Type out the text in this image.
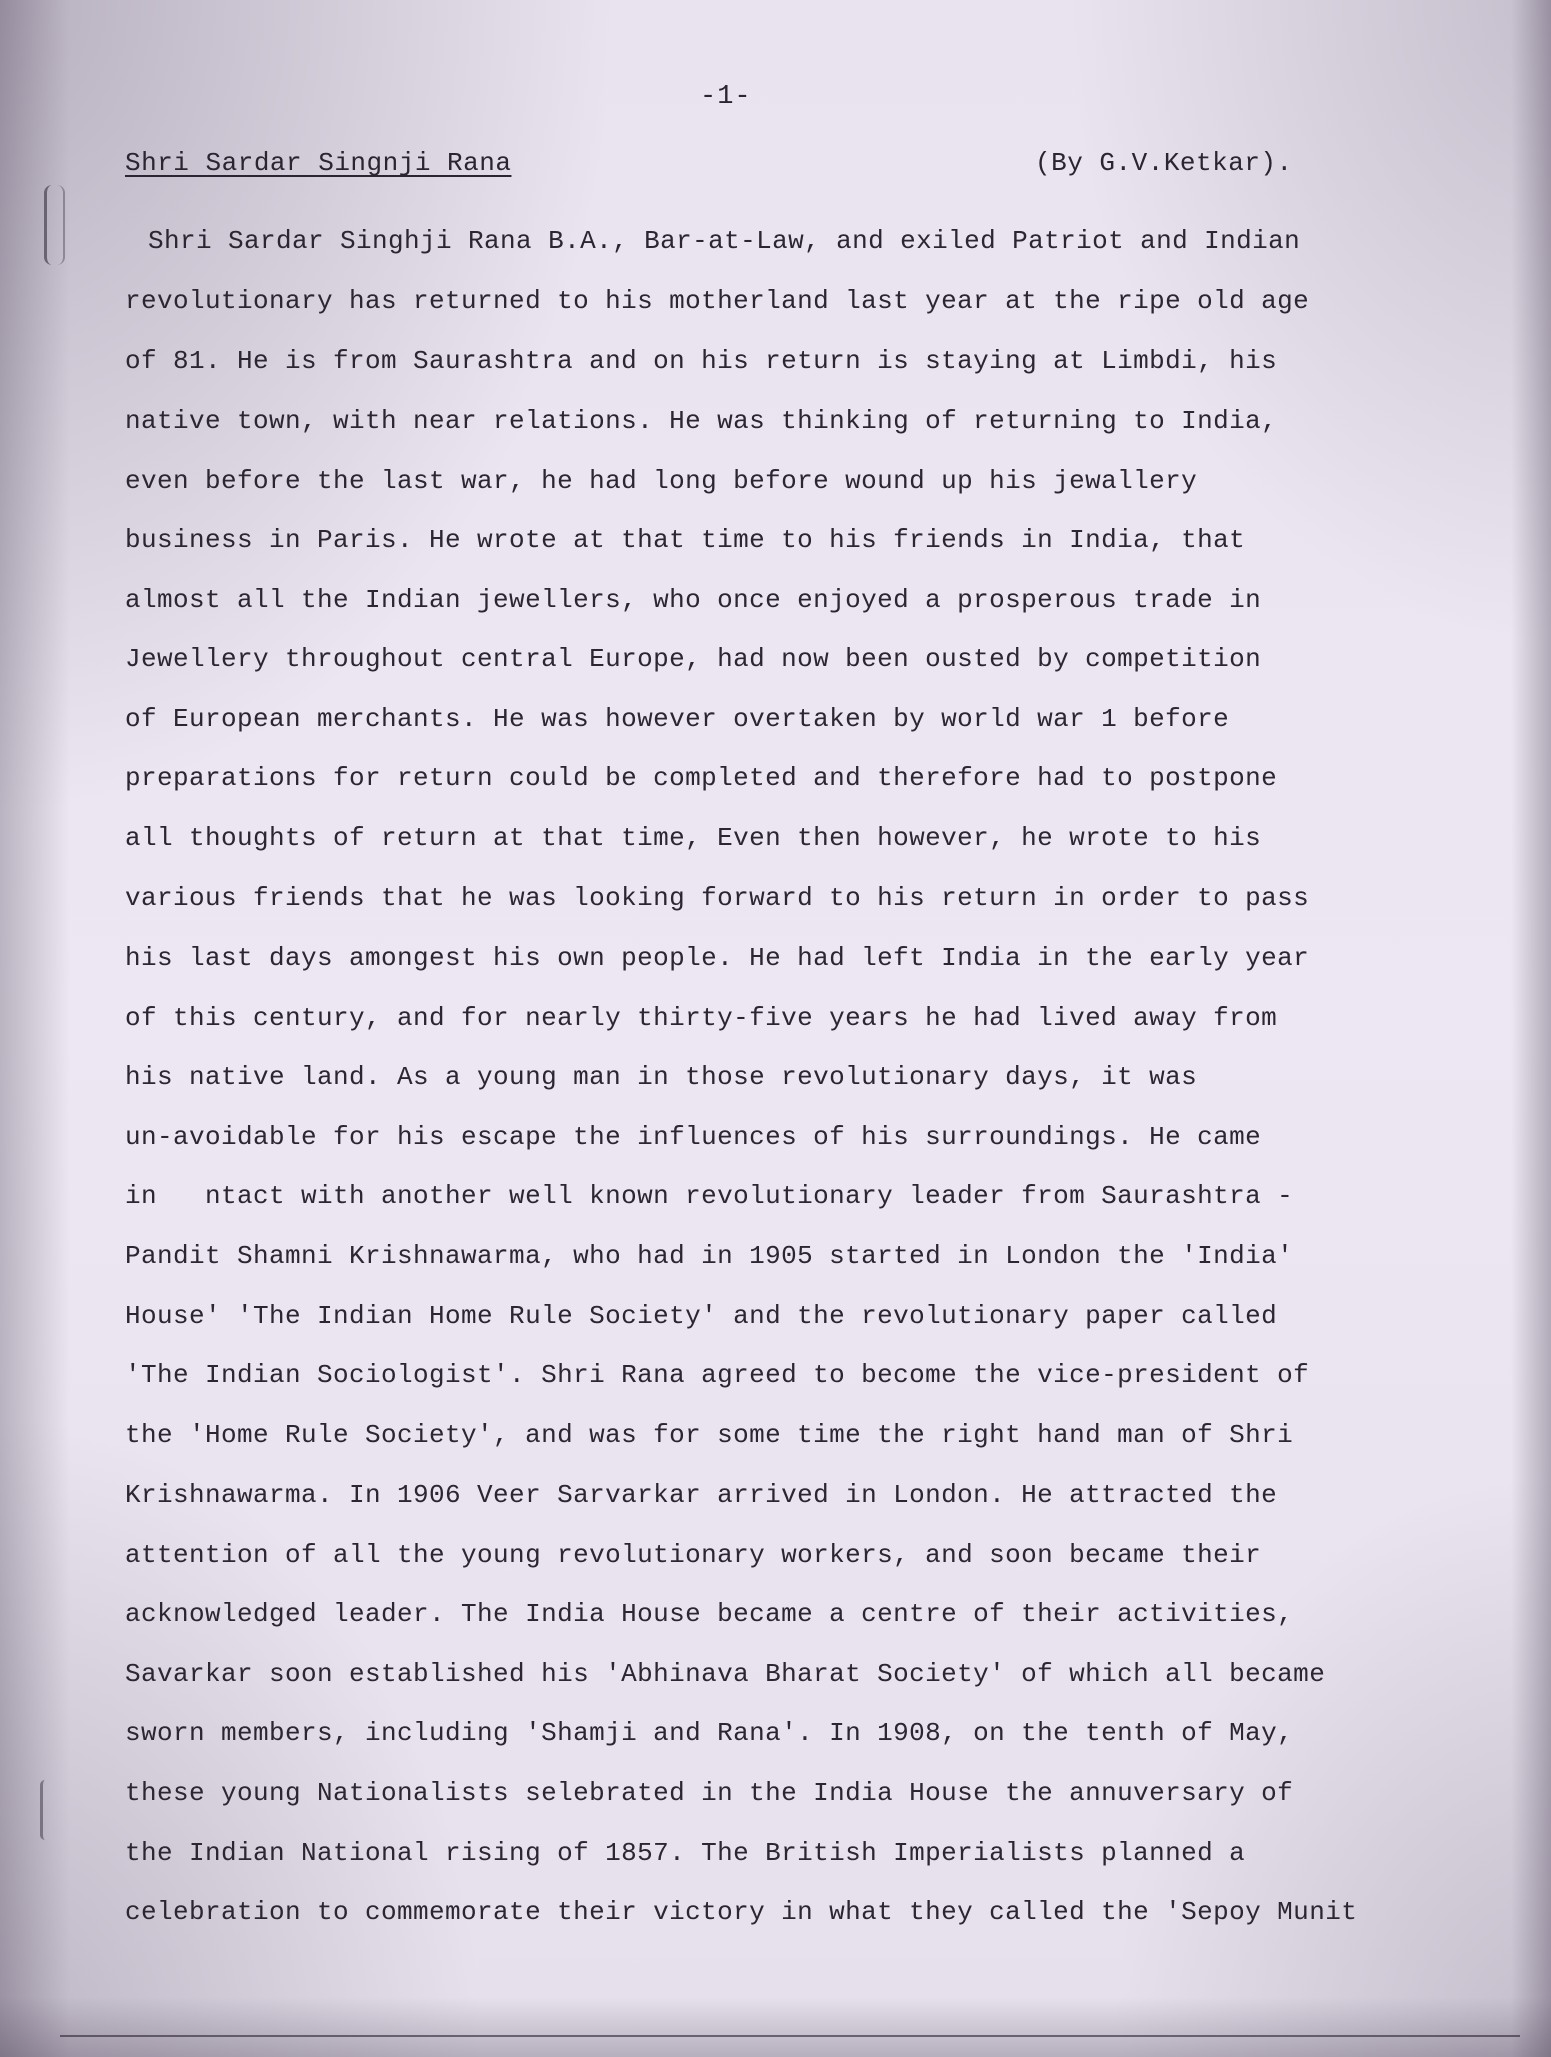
-1-
Shri Sardar Singnji Rana	(By G.V.Ketkar).
Shri Sardar Singhji Rana B.A., Bar-at-Law, and exiled Patriot and Indian
revolutionary has returned to his motherland last year at the ripe old age
of 81. He is from Saurashtra and on his return is staying at Limbdi, his
native town, with near relations. He was thinking of returning to India,
even before the last war, he had long before wound up his jewallery
business in Paris. He wrote at that time to his friends in India, that
almost all the Indian jewellers, who once enjoyed a prosperous trade in
Jewellery throughout central Europe, had now been ousted by competition
of European merchants. He was however overtaken by world war 1 before
preparations for return could be completed and therefore had to postpone
all thoughts of return at that time, Even then however, he wrote to his
various friends that he was looking forward to his return in order to pass
his last days amongest his own people. He had left India in the early year
of this century, and for nearly thirty-five years he had lived away from
his native land. As a young man in those revolutionary days, it was
un-avoidable for his escape the influences of his surroundings. He came
in   ntact with another well known revolutionary leader from Saurashtra -
Pandit Shamni Krishnawarma, who had in 1905 started in London the 'India'
House' 'The Indian Home Rule Society' and the revolutionary paper called
'The Indian Sociologist'. Shri Rana agreed to become the vice-president of
the 'Home Rule Society', and was for some time the right hand man of Shri
Krishnawarma. In 1906 Veer Sarvarkar arrived in London. He attracted the
attention of all the young revolutionary workers, and soon became their
acknowledged leader. The India House became a centre of their activities,
Savarkar soon established his 'Abhinava Bharat Society' of which all became
sworn members, including 'Shamji and Rana'. In 1908, on the tenth of May,
these young Nationalists selebrated in the India House the annuversary of
the Indian National rising of 1857. The British Imperialists planned a
celebration to commemorate their victory in what they called the 'Sepoy Munit
